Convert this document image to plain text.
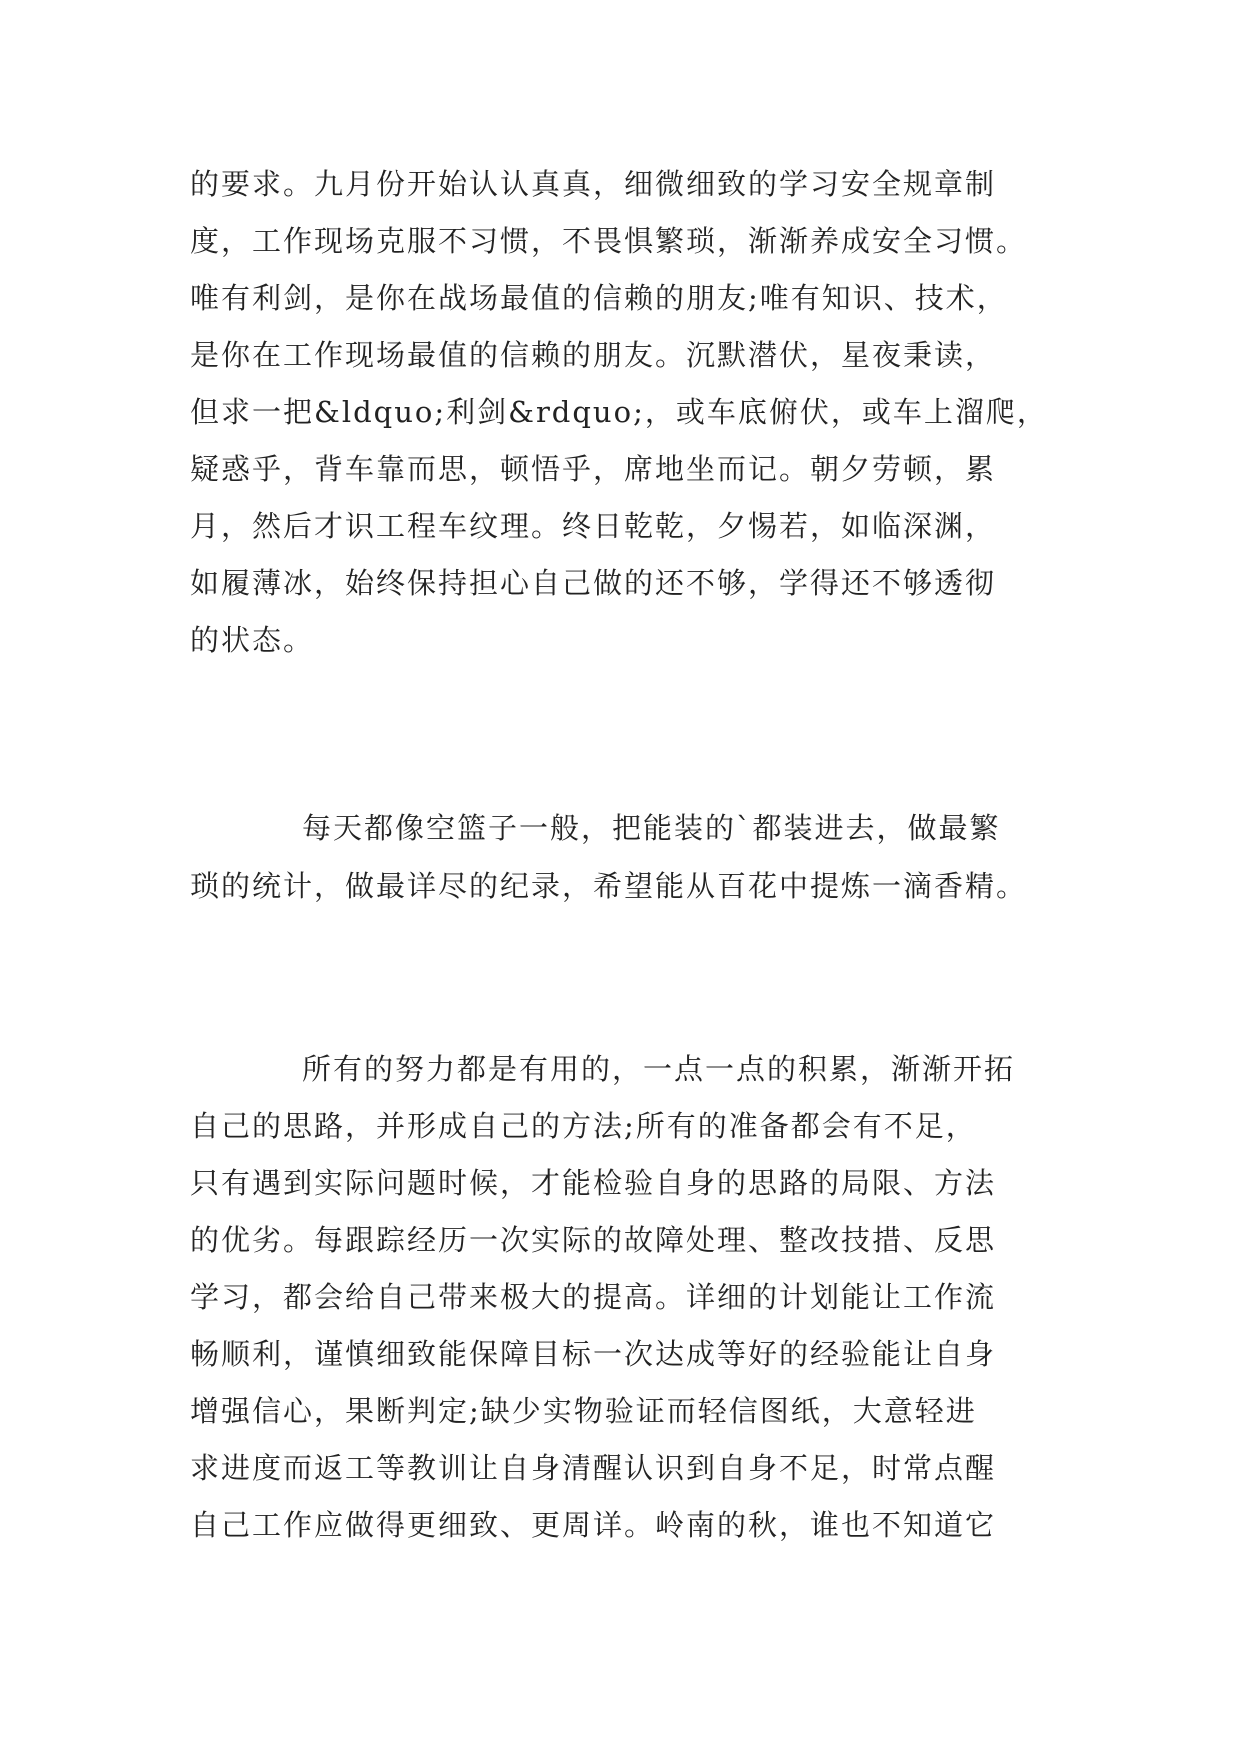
的要求。九月份开始认认真真，细微细致的学习安全规章制
度，工作现场克服不习惯，不畏惧繁琐，渐渐养成安全习惯。
唯有利剑，是你在战场最值的信赖的朋友;唯有知识、技术，
是你在工作现场最值的信赖的朋友。沉默潜伏，星夜秉读，
但求一把&ldquo;利剑&rdquo;，或车底俯伏，或车上溜爬，
疑惑乎，背车靠而思，顿悟乎，席地坐而记。朝夕劳顿，累
月，然后才识工程车纹理。终日乾乾，夕惕若，如临深渊，
如履薄冰，始终保持担心自己做的还不够，学得还不够透彻
的状态。
每天都像空篮子一般，把能装的`都装进去，做最繁
琐的统计，做最详尽的纪录，希望能从百花中提炼一滴香精。
所有的努力都是有用的，一点一点的积累，渐渐开拓
自己的思路，并形成自己的方法;所有的准备都会有不足，
只有遇到实际问题时候，才能检验自身的思路的局限、方法
的优劣。每跟踪经历一次实际的故障处理、整改技措、反思
学习，都会给自己带来极大的提高。详细的计划能让工作流
畅顺利，谨慎细致能保障目标一次达成等好的经验能让自身
增强信心，果断判定;缺少实物验证而轻信图纸，大意轻进
求进度而返工等教训让自身清醒认识到自身不足，时常点醒
自己工作应做得更细致、更周详。岭南的秋，谁也不知道它
